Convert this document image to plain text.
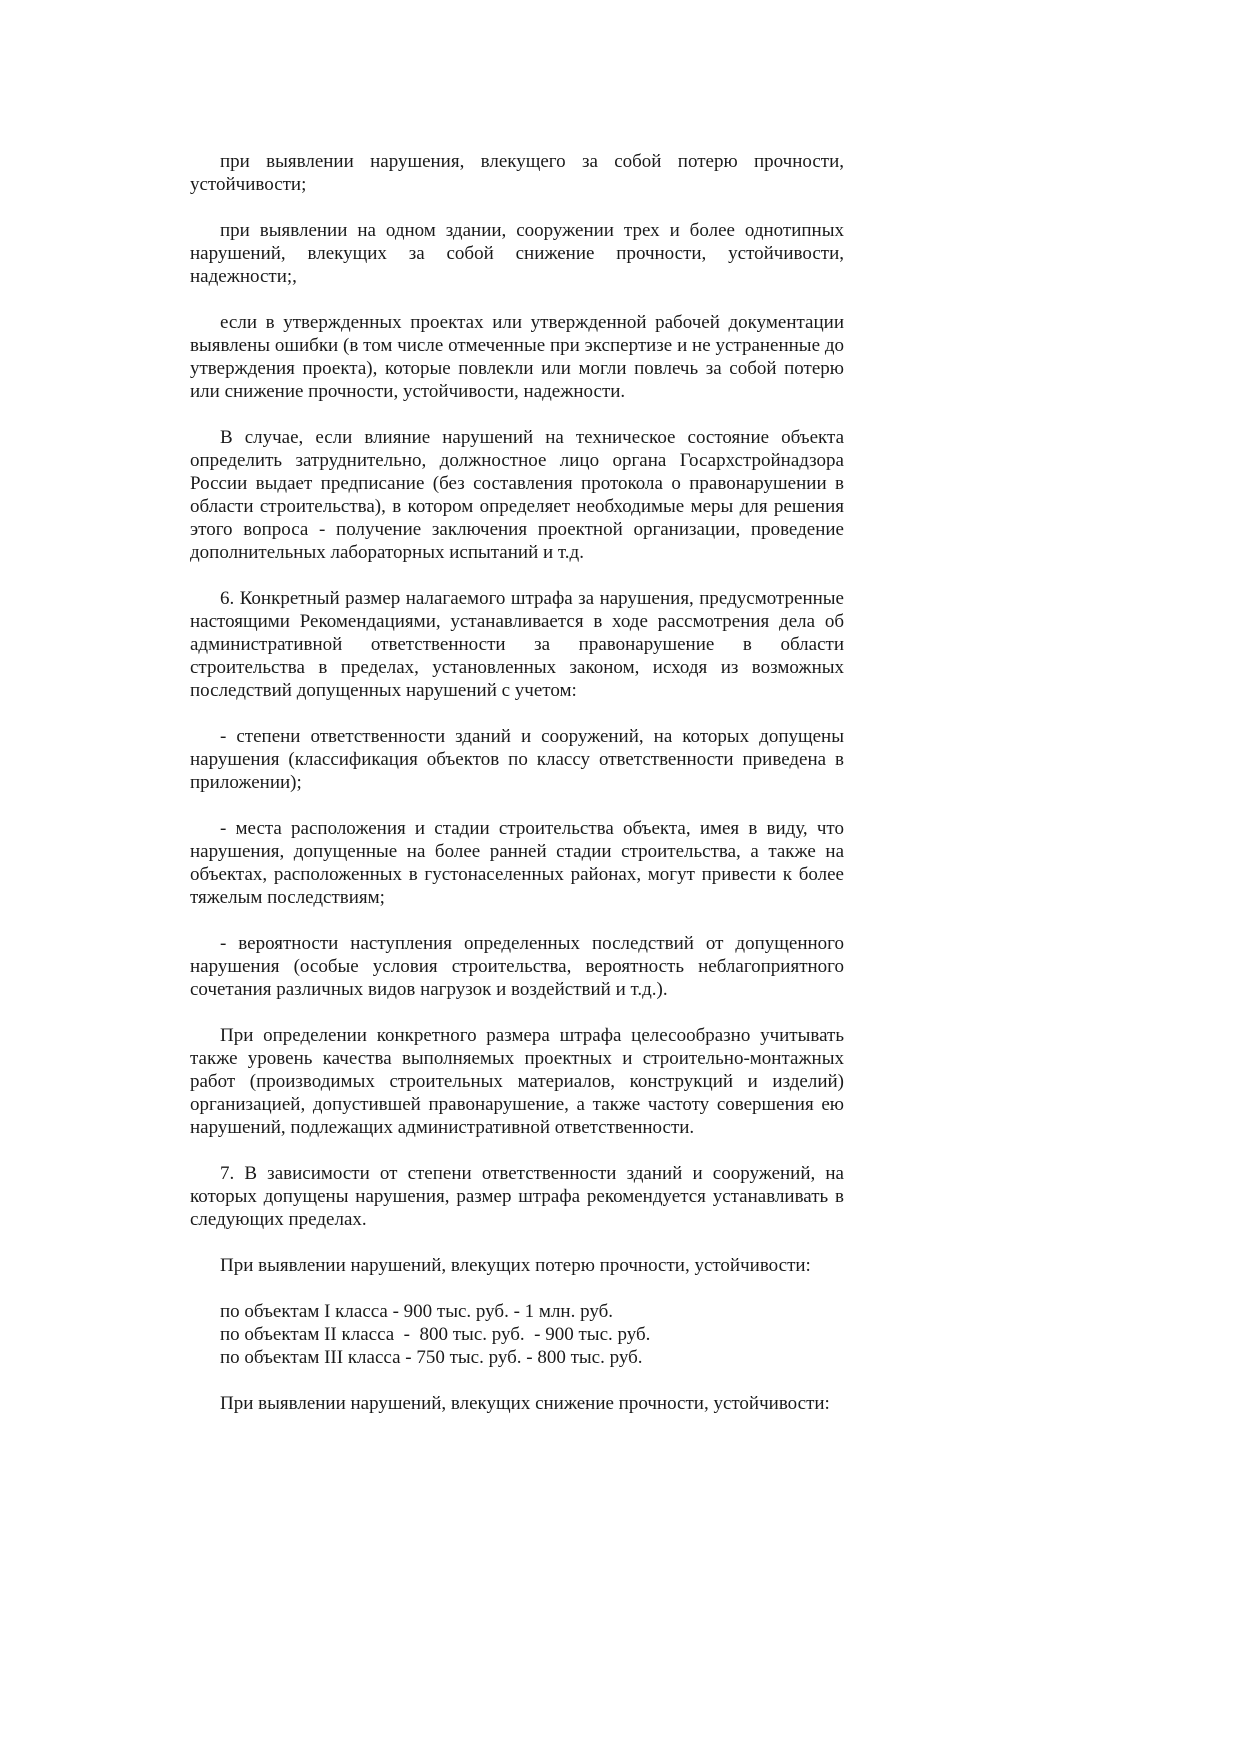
при выявлении нарушения, влекущего за собой потерю прочности, устойчивости;

при выявлении на одном здании, сооружении трех и более однотипных нарушений, влекущих за собой снижение прочности, устойчивости, надежности;,

если в утвержденных проектах или утвержденной рабочей документации выявлены ошибки (в том числе отмеченные при экспертизе и не устраненные до утверждения проекта), которые повлекли или могли повлечь за собой потерю или снижение прочности, устойчивости, надежности.

В случае, если влияние нарушений на техническое состояние объекта определить затруднительно, должностное лицо органа Госархстройнадзора России выдает предписание (без составления протокола о правонарушении в области строительства), в котором определяет необходимые меры для решения этого вопроса - получение заключения проектной организации, проведение дополнительных лабораторных испытаний и т.д.

6. Конкретный размер налагаемого штрафа за нарушения, предусмотренные настоящими Рекомендациями, устанавливается в ходе рассмотрения дела об административной ответственности за правонарушение в области строительства в пределах, установленных законом, исходя из возможных последствий допущенных нарушений с учетом:

- степени ответственности зданий и сооружений, на которых допущены нарушения (классификация объектов по классу ответственности приведена в приложении);

- места расположения и стадии строительства объекта, имея в виду, что нарушения, допущенные на более ранней стадии строительства, а также на объектах, расположенных в густонаселенных районах, могут привести к более тяжелым последствиям;

- вероятности наступления определенных последствий от допущенного нарушения (особые условия строительства, вероятность неблагоприятного сочетания различных видов нагрузок и воздействий и т.д.).

При определении конкретного размера штрафа целесообразно учитывать также уровень качества выполняемых проектных и строительно-монтажных работ (производимых строительных материалов, конструкций и изделий) организацией, допустившей правонарушение, а также частоту совершения ею нарушений, подлежащих административной ответственности.

7. В зависимости от степени ответственности зданий и сооружений, на которых допущены нарушения, размер штрафа рекомендуется устанавливать в следующих пределах.

При выявлении нарушений, влекущих потерю прочности, устойчивости:

по объектам I класса - 900 тыс. руб. - 1 млн. руб.
по объектам II класса  -  800 тыс. руб.  - 900 тыс. руб.
по объектам III класса - 750 тыс. руб. - 800 тыс. руб.

При выявлении нарушений, влекущих снижение прочности, устойчивости:
